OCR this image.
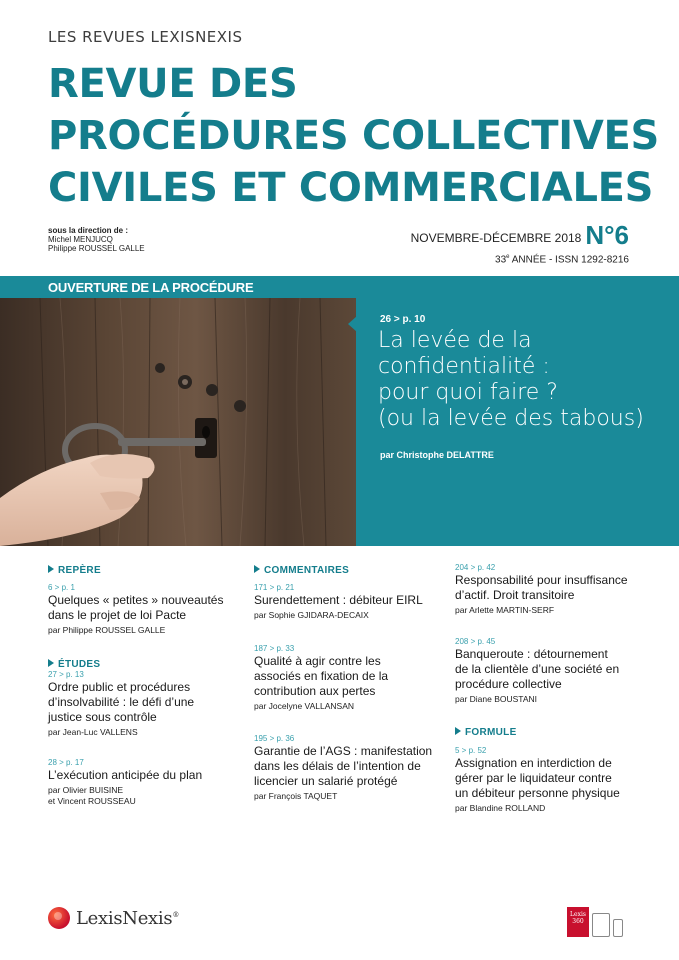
LES REVUES LEXISNEXIS
REVUE DES
PROCÉDURES COLLECTIVES
CIVILES ET COMMERCIALES
sous la direction de :
Michel MENJUCQ
Philippe ROUSSEL GALLE
NOVEMBRE-DÉCEMBRE 2018 N°6
33e ANNÉE - ISSN 1292-8216
OUVERTURE DE LA PROCÉDURE
26 > p. 10
La levée de la
confidentialité :
pour quoi faire ?
(ou la levée des tabous)
par Christophe DELATTRE
REPÈRE
6 > p. 1
Quelques « petites » nouveautés
dans le projet de loi Pacte
par Philippe ROUSSEL GALLE
ÉTUDES
27 > p. 13
Ordre public et procédures
d’insolvabilité : le défi d’une
justice sous contrôle
par Jean-Luc VALLENS
28 > p. 17
L’exécution anticipée du plan
par Olivier BUISINE
et Vincent ROUSSEAU
COMMENTAIRES
171 > p. 21
Surendettement : débiteur EIRL
par Sophie GJIDARA-DECAIX
187 > p. 33
Qualité à agir contre les
associés en fixation de la
contribution aux pertes
par Jocelyne VALLANSAN
195 > p. 36
Garantie de l’AGS : manifestation
dans les délais de l’intention de
licencier un salarié protégé
par François TAQUET
204 > p. 42
Responsabilité pour insuffisance
d’actif. Droit transitoire
par Arlette MARTIN-SERF
208 > p. 45
Banqueroute : détournement
de la clientèle d’une société en
procédure collective
par Diane BOUSTANI
FORMULE
5 > p. 52
Assignation en interdiction de
gérer par le liquidateur contre
un débiteur personne physique
par Blandine ROLLAND
LexisNexis®	Lexis 360
